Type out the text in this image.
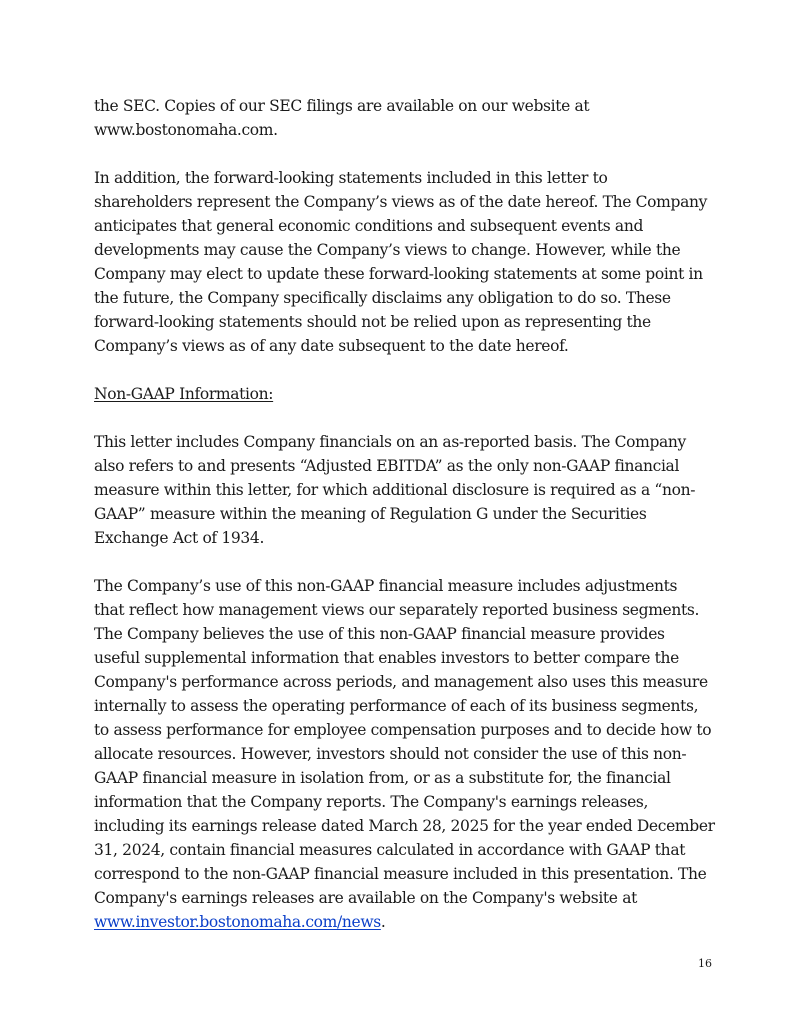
the SEC. Copies of our SEC filings are available on our website at
www.bostonomaha.com.

In addition, the forward-looking statements included in this letter to
shareholders represent the Company’s views as of the date hereof. The Company
anticipates that general economic conditions and subsequent events and
developments may cause the Company’s views to change. However, while the
Company may elect to update these forward-looking statements at some point in
the future, the Company specifically disclaims any obligation to do so. These
forward-looking statements should not be relied upon as representing the
Company’s views as of any date subsequent to the date hereof.

Non-GAAP Information:

This letter includes Company financials on an as-reported basis. The Company
also refers to and presents “Adjusted EBITDA” as the only non-GAAP financial
measure within this letter, for which additional disclosure is required as a “non-
GAAP” measure within the meaning of Regulation G under the Securities
Exchange Act of 1934.

The Company’s use of this non-GAAP financial measure includes adjustments
that reflect how management views our separately reported business segments.
The Company believes the use of this non-GAAP financial measure provides
useful supplemental information that enables investors to better compare the
Company's performance across periods, and management also uses this measure
internally to assess the operating performance of each of its business segments,
to assess performance for employee compensation purposes and to decide how to
allocate resources. However, investors should not consider the use of this non-
GAAP financial measure in isolation from, or as a substitute for, the financial
information that the Company reports. The Company's earnings releases,
including its earnings release dated March 28, 2025 for the year ended December
31, 2024, contain financial measures calculated in accordance with GAAP that
correspond to the non-GAAP financial measure included in this presentation. The
Company's earnings releases are available on the Company's website at
www.investor.bostonomaha.com/news.

16
